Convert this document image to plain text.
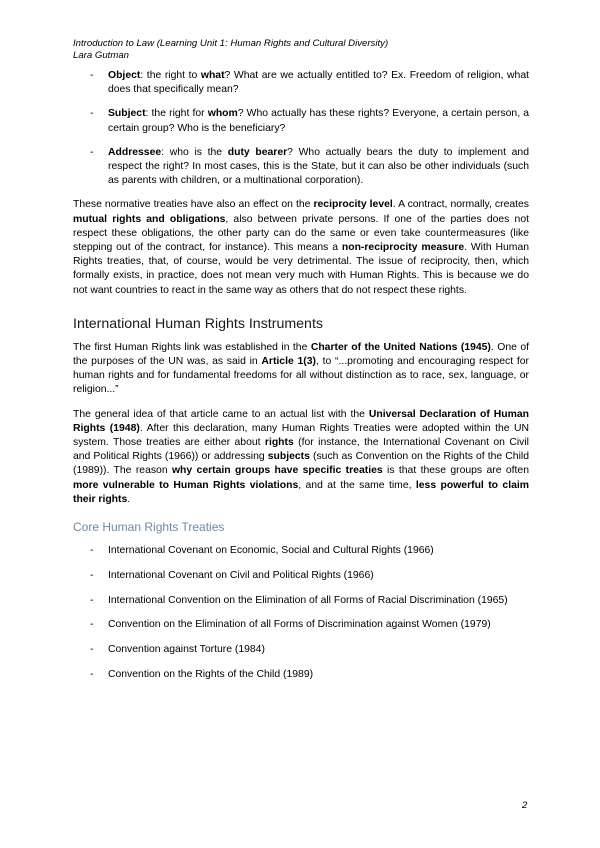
Introduction to Law (Learning Unit 1: Human Rights and Cultural Diversity)
Lara Gutman
- Object: the right to what? What are we actually entitled to? Ex. Freedom of religion, what does that specifically mean?
- Subject: the right for whom? Who actually has these rights? Everyone, a certain person, a certain group? Who is the beneficiary?
- Addressee: who is the duty bearer? Who actually bears the duty to implement and respect the right? In most cases, this is the State, but it can also be other individuals (such as parents with children, or a multinational corporation).

These normative treaties have also an effect on the reciprocity level. A contract, normally, creates mutual rights and obligations, also between private persons. If one of the parties does not respect these obligations, the other party can do the same or even take countermeasures (like stepping out of the contract, for instance). This means a non-reciprocity measure. With Human Rights treaties, that, of course, would be very detrimental. The issue of reciprocity, then, which formally exists, in practice, does not mean very much with Human Rights. This is because we do not want countries to react in the same way as others that do not respect these rights.

International Human Rights Instruments

The first Human Rights link was established in the Charter of the United Nations (1945). One of the purposes of the UN was, as said in Article 1(3), to “...promoting and encouraging respect for human rights and for fundamental freedoms for all without distinction as to race, sex, language, or religion...”

The general idea of that article came to an actual list with the Universal Declaration of Human Rights (1948). After this declaration, many Human Rights Treaties were adopted within the UN system. Those treaties are either about rights (for instance, the International Covenant on Civil and Political Rights (1966)) or addressing subjects (such as Convention on the Rights of the Child (1989)). The reason why certain groups have specific treaties is that these groups are often more vulnerable to Human Rights violations, and at the same time, less powerful to claim their rights.

Core Human Rights Treaties
- International Covenant on Economic, Social and Cultural Rights (1966)
- International Covenant on Civil and Political Rights (1966)
- International Convention on the Elimination of all Forms of Racial Discrimination (1965)
- Convention on the Elimination of all Forms of Discrimination against Women (1979)
- Convention against Torture (1984)
- Convention on the Rights of the Child (1989)
2
